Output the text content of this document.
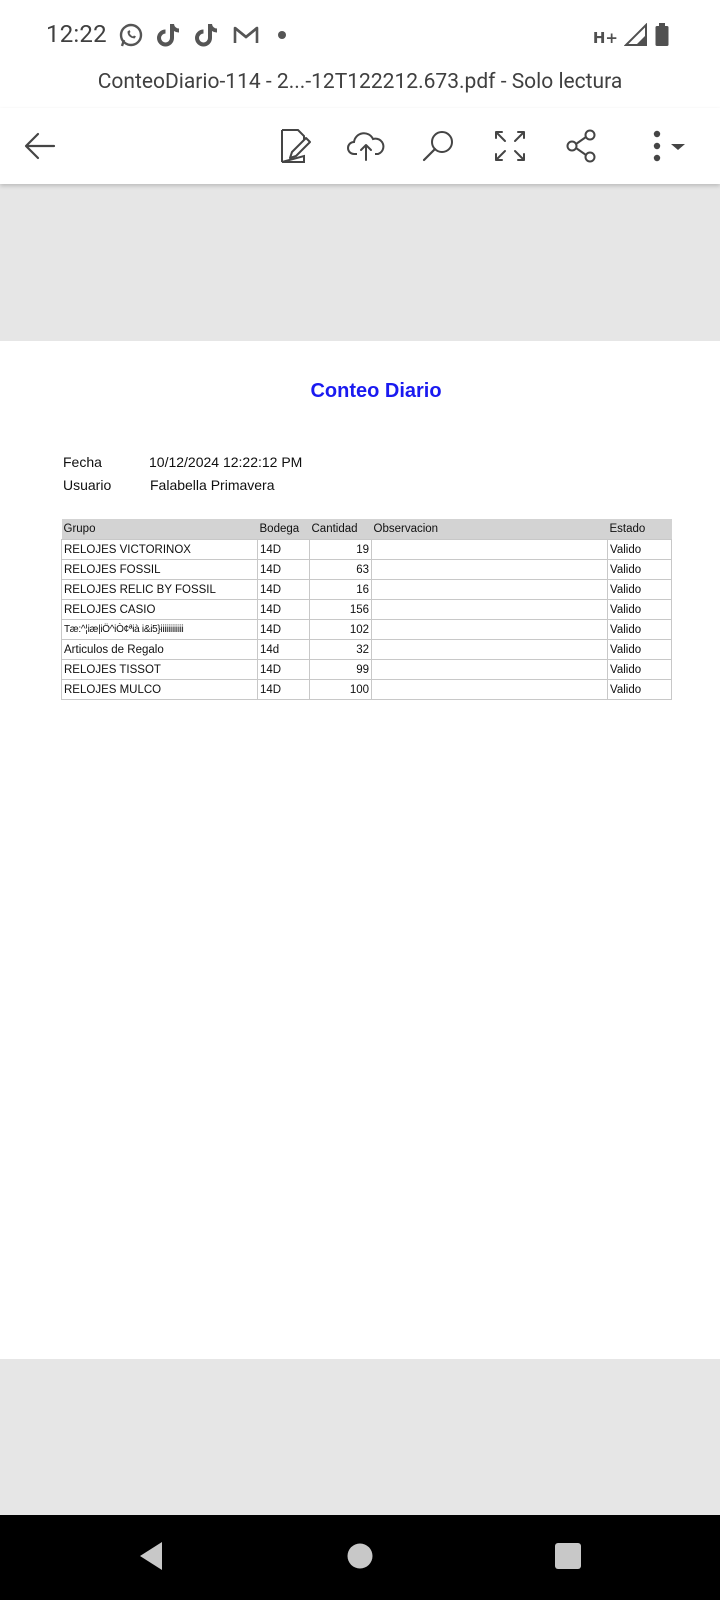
12:22	H+
ConteoDiario-114 - 2...-12T122212.673.pdf - Solo lectura
Conteo Diario
Fecha	10/12/2024 12:22:12 PM
Usuario	Falabella Primavera
Grupo	Bodega	Cantidad	Observacion	Estado
RELOJES VICTORINOX	14D	19		Valido
RELOJES FOSSIL	14D	63		Valido
RELOJES RELIC BY FOSSIL	14D	16		Valido
RELOJES CASIO	14D	156		Valido
Tæ:^¦iæ|iÖ^iÒ¢ªià i&i5}iiiiiiiiiiii	14D	102		Valido
Articulos de Regalo	14d	32		Valido
RELOJES TISSOT	14D	99		Valido
RELOJES MULCO	14D	100		Valido
